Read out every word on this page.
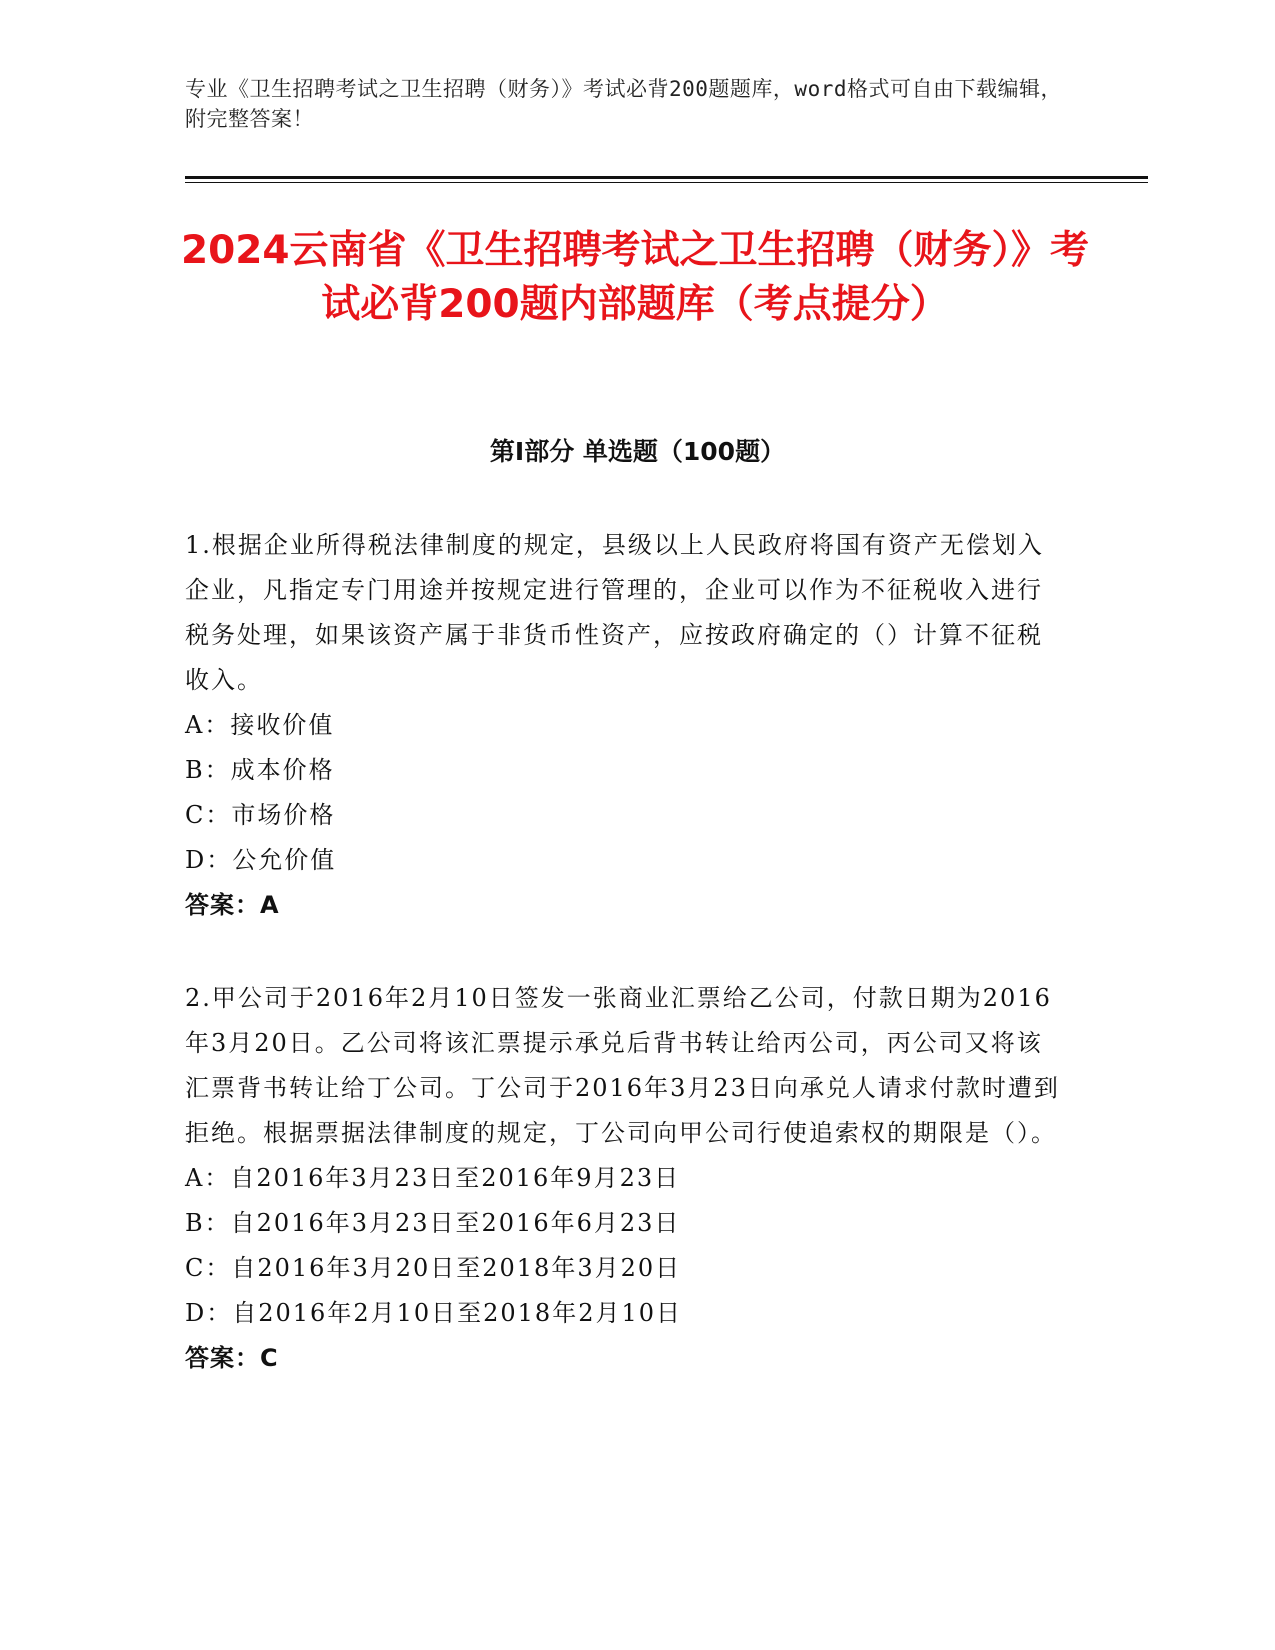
专业《卫生招聘考试之卫生招聘（财务）》考试必背200题题库，word格式可自由下载编辑，附完整答案！
2024云南省《卫生招聘考试之卫生招聘（财务）》考试必背200题内部题库（考点提分）
第I部分 单选题（100题）
1.根据企业所得税法律制度的规定，县级以上人民政府将国有资产无偿划入企业，凡指定专门用途并按规定进行管理的，企业可以作为不征税收入进行税务处理，如果该资产属于非货币性资产，应按政府确定的（）计算不征税收入。
A：接收价值
B：成本价格
C：市场价格
D：公允价值
答案：A
2.甲公司于2016年2月10日签发一张商业汇票给乙公司，付款日期为2016年3月20日。乙公司将该汇票提示承兑后背书转让给丙公司，丙公司又将该汇票背书转让给丁公司。丁公司于2016年3月23日向承兑人请求付款时遭到拒绝。根据票据法律制度的规定，丁公司向甲公司行使追索权的期限是（）。
A：自2016年3月23日至2016年9月23日
B：自2016年3月23日至2016年6月23日
C：自2016年3月20日至2018年3月20日
D：自2016年2月10日至2018年2月10日
答案：C
